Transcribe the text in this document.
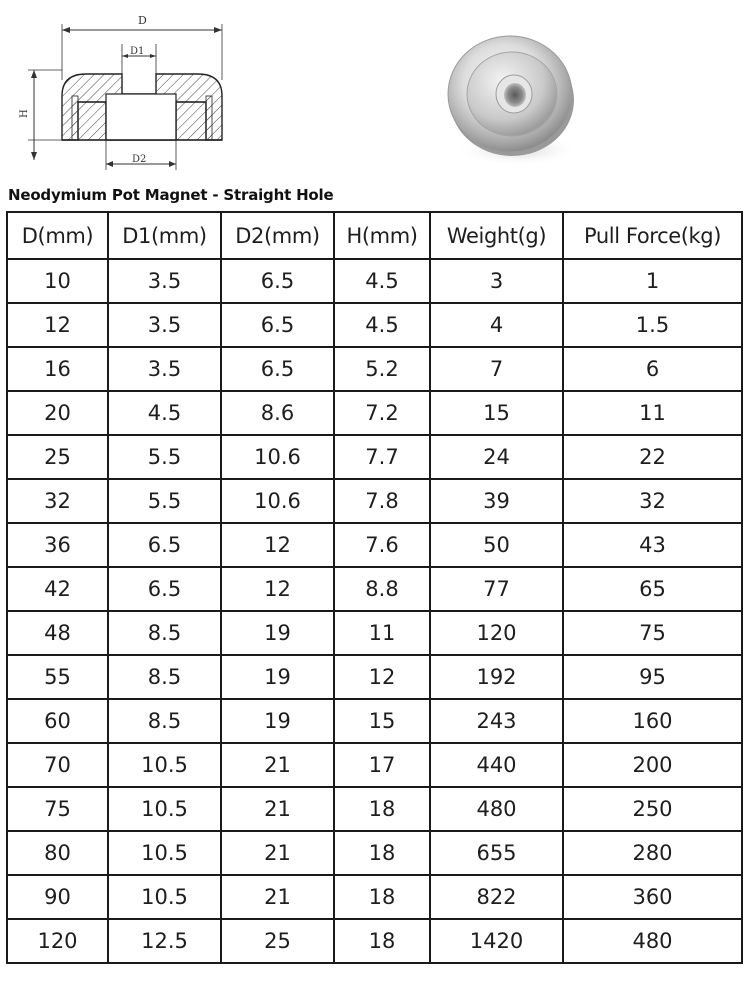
D
D1
H
D2
Neodymium Pot Magnet - Straight Hole
D(mm)	D1(mm)	D2(mm)	H(mm)	Weight(g)	Pull Force(kg)
10	3.5	6.5	4.5	3	1
12	3.5	6.5	4.5	4	1.5
16	3.5	6.5	5.2	7	6
20	4.5	8.6	7.2	15	11
25	5.5	10.6	7.7	24	22
32	5.5	10.6	7.8	39	32
36	6.5	12	7.6	50	43
42	6.5	12	8.8	77	65
48	8.5	19	11	120	75
55	8.5	19	12	192	95
60	8.5	19	15	243	160
70	10.5	21	17	440	200
75	10.5	21	18	480	250
80	10.5	21	18	655	280
90	10.5	21	18	822	360
120	12.5	25	18	1420	480
